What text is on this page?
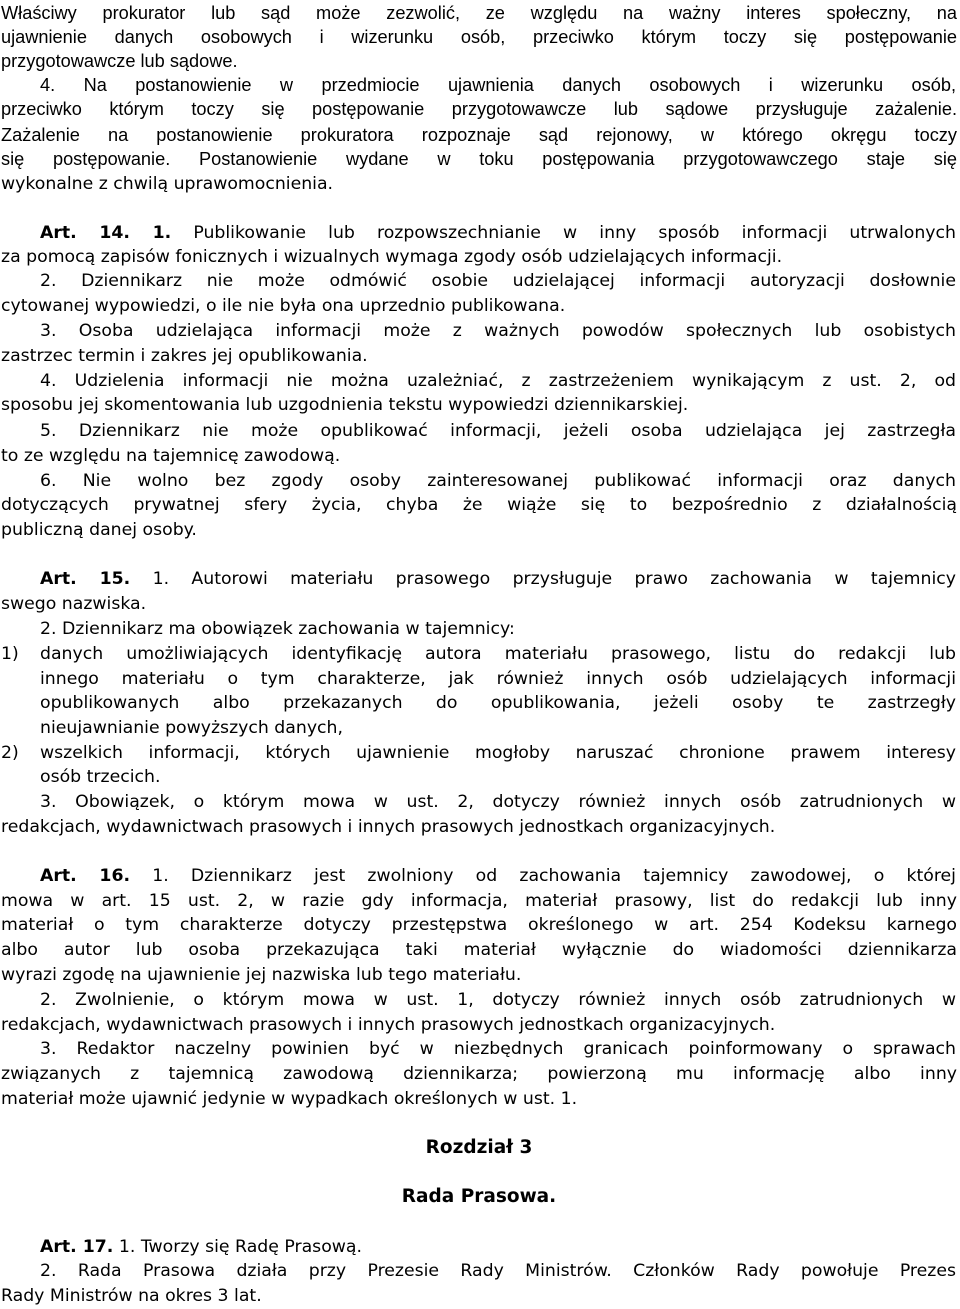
Właściwy prokurator lub sąd może zezwolić, ze względu na ważny interes społeczny, na
ujawnienie danych osobowych i wizerunku osób, przeciwko którym toczy się postępowanie
przygotowawcze lub sądowe.
4. Na postanowienie w przedmiocie ujawnienia danych osobowych i wizerunku osób,
przeciwko którym toczy się postępowanie przygotowawcze lub sądowe przysługuje zażalenie.
Zażalenie na postanowienie prokuratora rozpoznaje sąd rejonowy, w którego okręgu toczy
się postępowanie. Postanowienie wydane w toku postępowania przygotowawczego staje się
wykonalne z chwilą uprawomocnienia.
Art. 14. 1. Publikowanie lub rozpowszechnianie w inny sposób informacji utrwalonych
za pomocą zapisów fonicznych i wizualnych wymaga zgody osób udzielających informacji.
2. Dziennikarz nie może odmówić osobie udzielającej informacji autoryzacji dosłownie
cytowanej wypowiedzi, o ile nie była ona uprzednio publikowana.
3. Osoba udzielająca informacji może z ważnych powodów społecznych lub osobistych
zastrzec termin i zakres jej opublikowania.
4. Udzielenia informacji nie można uzależniać, z zastrzeżeniem wynikającym z ust. 2, od
sposobu jej skomentowania lub uzgodnienia tekstu wypowiedzi dziennikarskiej.
5. Dziennikarz nie może opublikować informacji, jeżeli osoba udzielająca jej zastrzegła
to ze względu na tajemnicę zawodową.
6. Nie wolno bez zgody osoby zainteresowanej publikować informacji oraz danych
dotyczących prywatnej sfery życia, chyba że wiąże się to bezpośrednio z działalnością
publiczną danej osoby.
Art. 15. 1. Autorowi materiału prasowego przysługuje prawo zachowania w tajemnicy
swego nazwiska.
2. Dziennikarz ma obowiązek zachowania w tajemnicy:
1) danych umożliwiających identyfikację autora materiału prasowego, listu do redakcji lub
innego materiału o tym charakterze, jak również innych osób udzielających informacji
opublikowanych albo przekazanych do opublikowania, jeżeli osoby te zastrzegły
nieujawnianie powyższych danych,
2) wszelkich informacji, których ujawnienie mogłoby naruszać chronione prawem interesy
osób trzecich.
3. Obowiązek, o którym mowa w ust. 2, dotyczy również innych osób zatrudnionych w
redakcjach, wydawnictwach prasowych i innych prasowych jednostkach organizacyjnych.
Art. 16. 1. Dziennikarz jest zwolniony od zachowania tajemnicy zawodowej, o której
mowa w art. 15 ust. 2, w razie gdy informacja, materiał prasowy, list do redakcji lub inny
materiał o tym charakterze dotyczy przestępstwa określonego w art. 254 Kodeksu karnego
albo autor lub osoba przekazująca taki materiał wyłącznie do wiadomości dziennikarza
wyrazi zgodę na ujawnienie jej nazwiska lub tego materiału.
2. Zwolnienie, o którym mowa w ust. 1, dotyczy również innych osób zatrudnionych w
redakcjach, wydawnictwach prasowych i innych prasowych jednostkach organizacyjnych.
3. Redaktor naczelny powinien być w niezbędnych granicach poinformowany o sprawach
związanych z tajemnicą zawodową dziennikarza; powierzoną mu informację albo inny
materiał może ujawnić jedynie w wypadkach określonych w ust. 1.
Rozdział 3
Rada Prasowa.
Art. 17. 1. Tworzy się Radę Prasową.
2. Rada Prasowa działa przy Prezesie Rady Ministrów. Członków Rady powołuje Prezes
Rady Ministrów na okres 3 lat.
